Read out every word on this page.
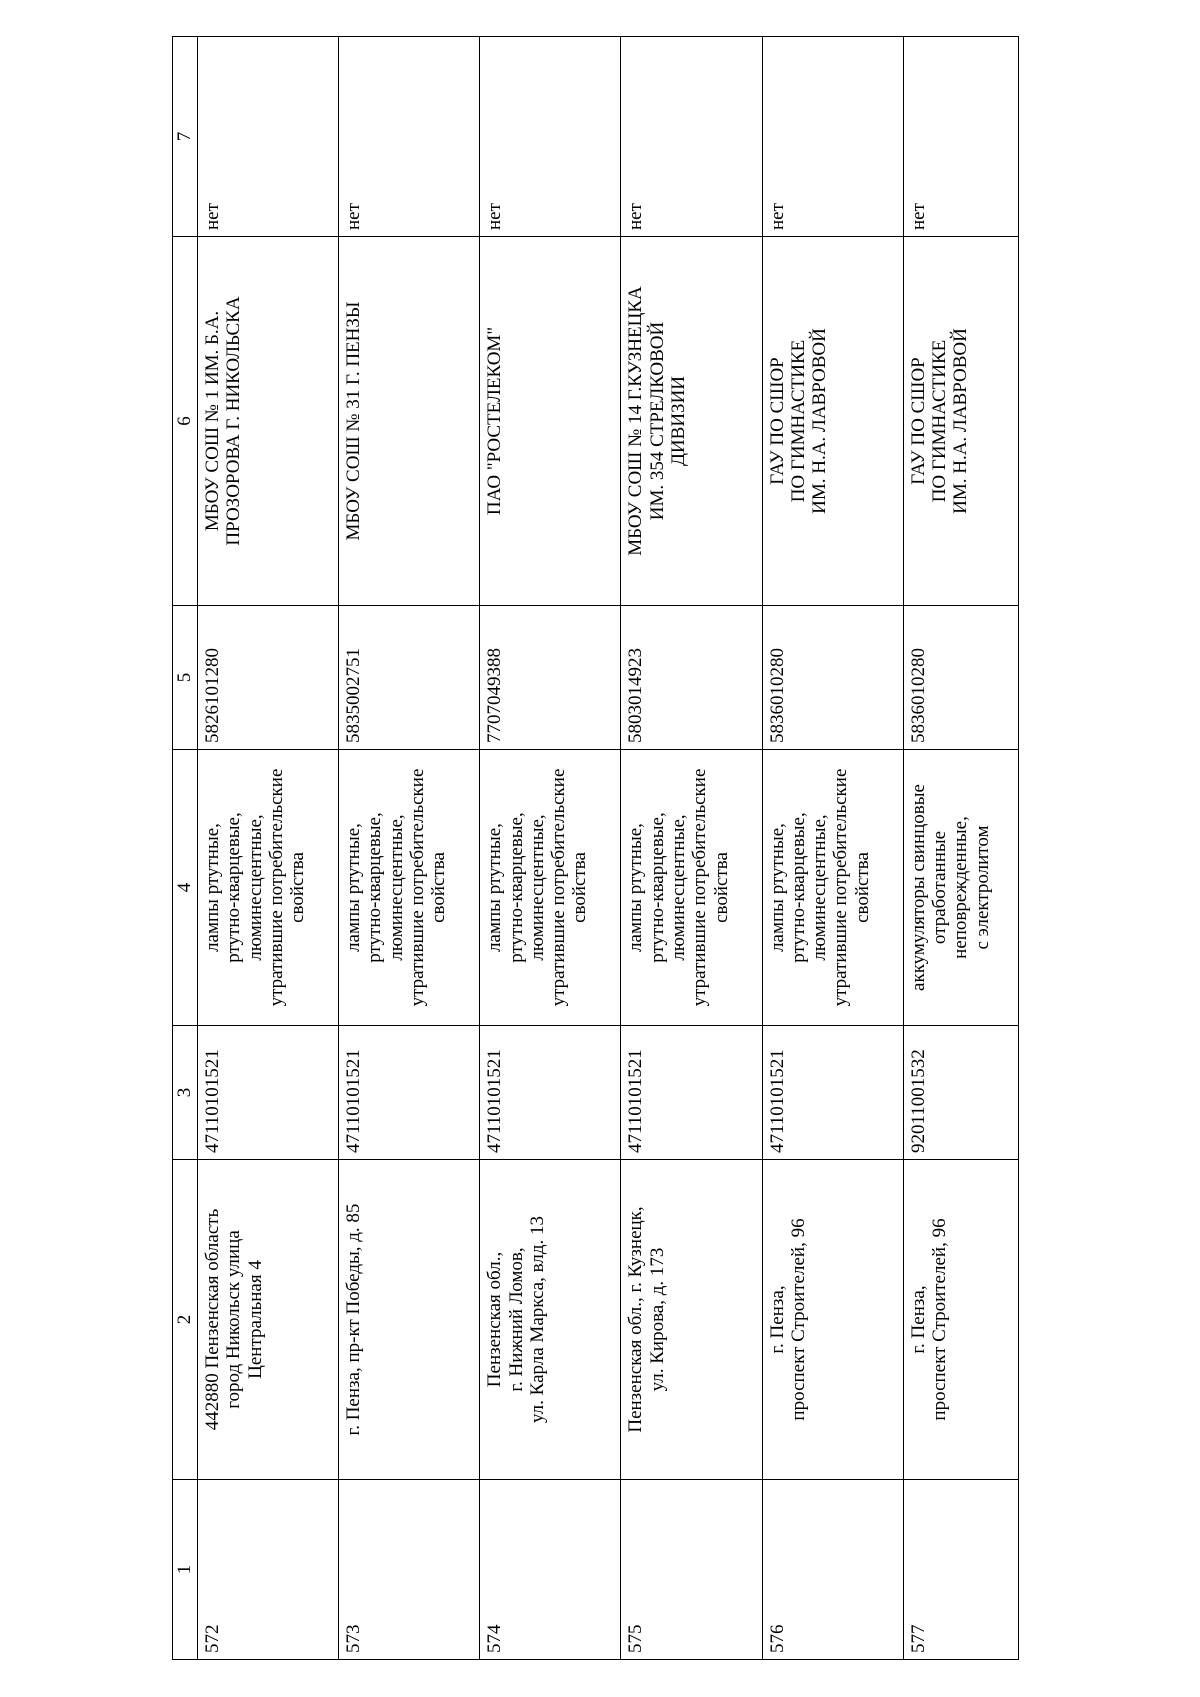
1	2	3	4	5	6	7
572	442880 Пензенская область
город Никольск улица
Центральная 4	47110101521	лампы ртутные,
ртутно-кварцевые,
люминесцентные,
утратившие потребительские
свойства	5826101280	МБОУ СОШ № 1 ИМ. Б.А.
ПРОЗОРОВА Г. НИКОЛЬСКА	нет
573	г. Пенза, пр-кт Победы, д. 85	47110101521	лампы ртутные,
ртутно-кварцевые,
люминесцентные,
утратившие потребительские
свойства	5835002751	МБОУ СОШ № 31 Г. ПЕНЗЫ	нет
574	Пензенская обл.,
г. Нижний Ломов,
ул. Карла Маркса, влд. 13	47110101521	лампы ртутные,
ртутно-кварцевые,
люминесцентные,
утратившие потребительские
свойства	7707049388	ПАО "РОСТЕЛЕКОМ"	нет
575	Пензенская обл., г. Кузнецк,
ул. Кирова, д. 173	47110101521	лампы ртутные,
ртутно-кварцевые,
люминесцентные,
утратившие потребительские
свойства	5803014923	МБОУ СОШ № 14 Г.КУЗНЕЦКА
ИМ. 354 СТРЕЛКОВОЙ
ДИВИЗИИ	нет
576	г. Пенза,
проспект Строителей, 96	47110101521	лампы ртутные,
ртутно-кварцевые,
люминесцентные,
утратившие потребительские
свойства	5836010280	ГАУ ПО СШОР
ПО ГИМНАСТИКЕ
ИМ. Н.А. ЛАВРОВОЙ	нет
577	г. Пенза,
проспект Строителей, 96	92011001532	аккумуляторы свинцовые
отработанные
неповрежденные,
с электролитом	5836010280	ГАУ ПО СШОР
ПО ГИМНАСТИКЕ
ИМ. Н.А. ЛАВРОВОЙ	нет
